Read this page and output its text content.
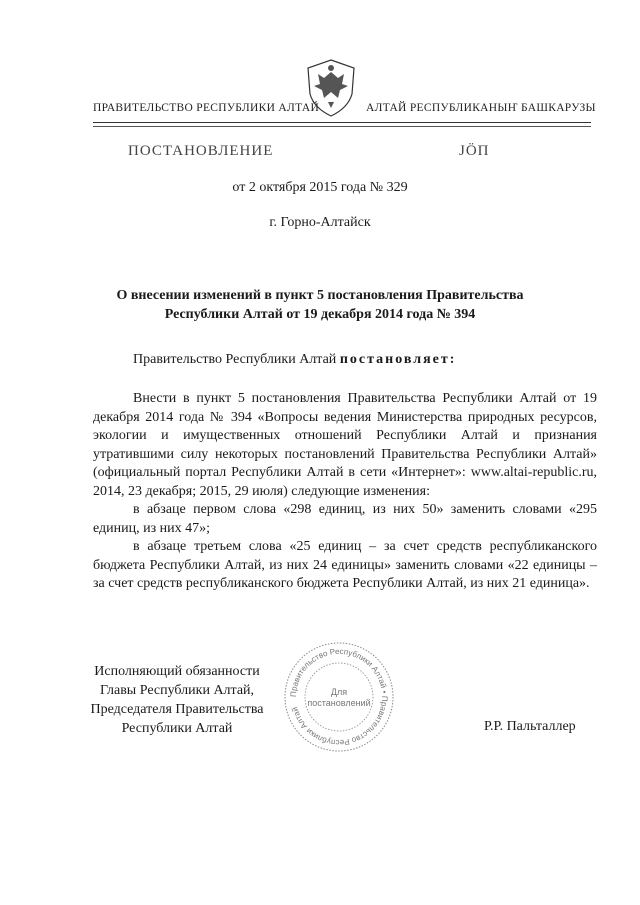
ПРАВИТЕЛЬСТВО РЕСПУБЛИКИ АЛТАЙ	АЛТАЙ РЕСПУБЛИКАНЫҤ БАШКАРУЗЫ
ПОСТАНОВЛЕНИЕ	ЈÖП
от 2 октября 2015 года № 329
г. Горно-Алтайск
О внесении изменений в пункт 5 постановления Правительства
Республики Алтай от 19 декабря 2014 года № 394
Правительство Республики Алтай постановляет:

Внести в пункт 5 постановления Правительства Республики Алтай от 19 декабря 2014 года № 394 «Вопросы ведения Министерства природных ресурсов, экологии и имущественных отношений Республики Алтай и признания утратившими силу некоторых постановлений Правительства Республики Алтай» (официальный портал Республики Алтай в сети «Интернет»: www.altai-republic.ru, 2014, 23 декабря; 2015, 29 июля) следующие изменения:

в абзаце первом слова «298 единиц, из них 50» заменить словами «295 единиц, из них 47»;

в абзаце третьем слова «25 единиц – за счет средств республиканского бюджета Республики Алтай, из них 24 единицы» заменить словами «22 единицы – за счет средств республиканского бюджета Республики Алтай, из них 21 единица».

Исполняющий обязанности
Главы Республики Алтай,
Председателя Правительства
Республики Алтай
Правительство Республики Алтай • Правительство Республики Алтай
Для
постановлений
Р.Р. Пальталлер
